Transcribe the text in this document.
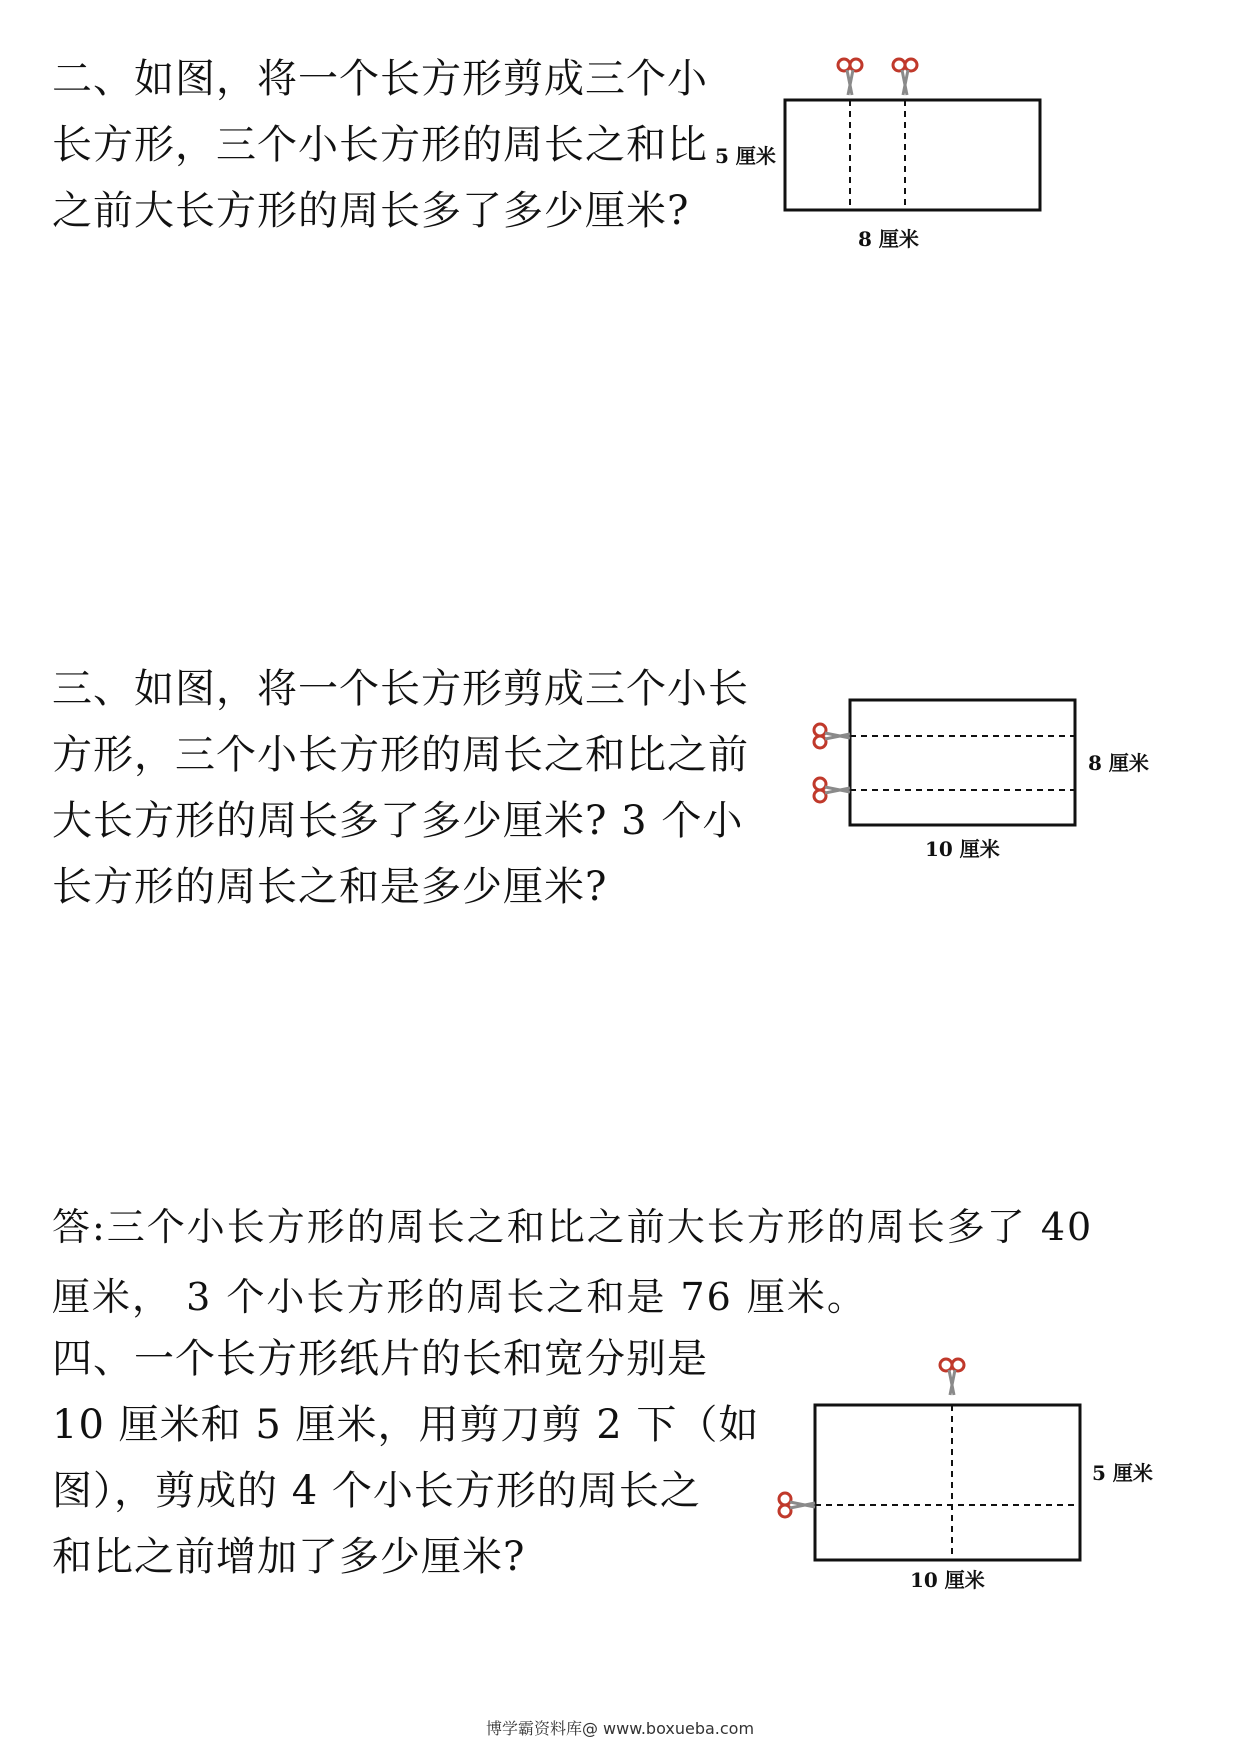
二、如图，将一个长方形剪成三个小
长方形，三个小长方形的周长之和比
之前大长方形的周长多了多少厘米?
5 厘米
8 厘米
三、如图，将一个长方形剪成三个小长
方形，三个小长方形的周长之和比之前
大长方形的周长多了多少厘米? 3 个小
长方形的周长之和是多少厘米?
8 厘米
10 厘米
答:三个小长方形的周长之和比之前大长方形的周长多了 40
厘米， 3 个小长方形的周长之和是 76 厘米。
四、一个长方形纸片的长和宽分别是
10 厘米和 5 厘米，用剪刀剪 2 下（如
图），剪成的 4 个小长方形的周长之
和比之前增加了多少厘米?
5 厘米
10 厘米
博学霸资料库@ www.boxueba.com
